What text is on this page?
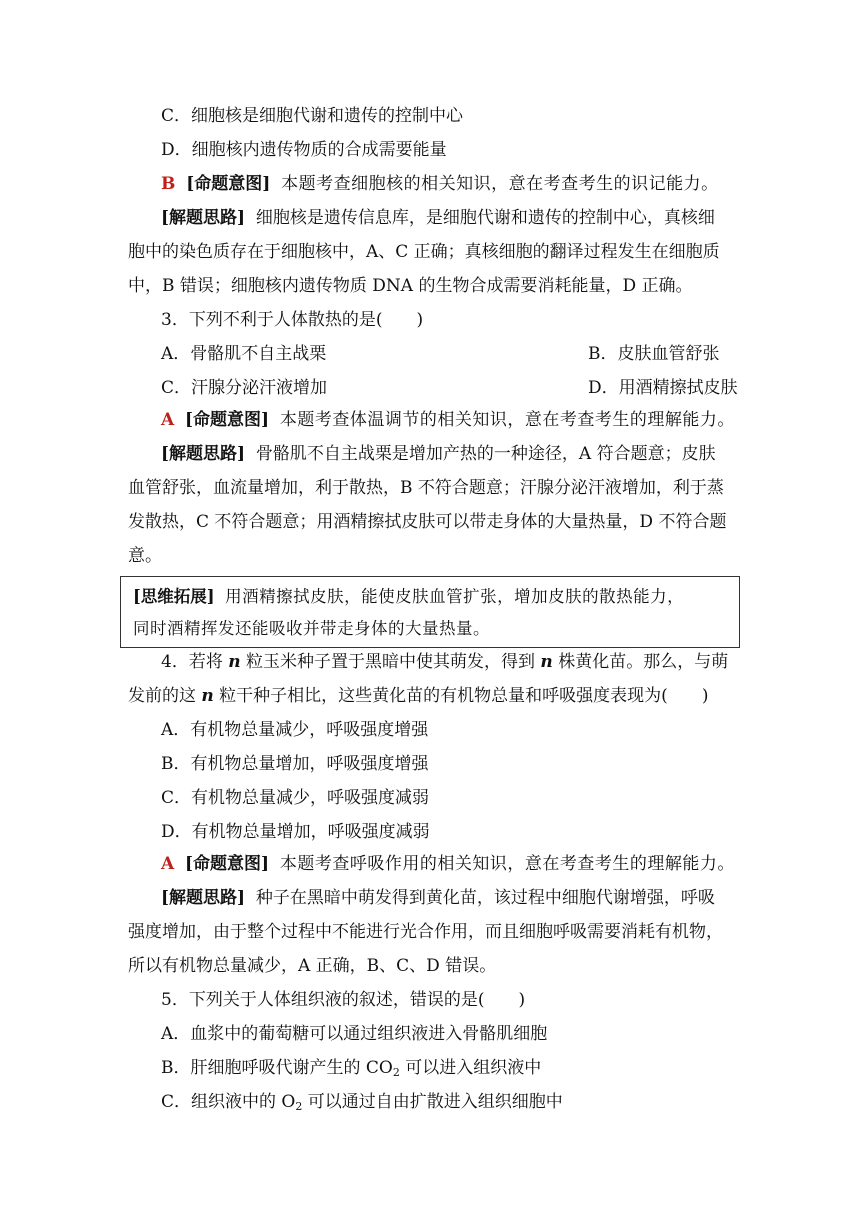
C．细胞核是细胞代谢和遗传的控制中心
D．细胞核内遗传物质的合成需要能量
B [命题意图] 本题考查细胞核的相关知识，意在考查考生的识记能力。
[解题思路] 细胞核是遗传信息库，是细胞代谢和遗传的控制中心，真核细
胞中的染色质存在于细胞核中，A、C 正确；真核细胞的翻译过程发生在细胞质
中，B 错误；细胞核内遗传物质 DNA 的生物合成需要消耗能量，D 正确。
3．下列不利于人体散热的是(　　)
A．骨骼肌不自主战栗	B．皮肤血管舒张
C．汗腺分泌汗液增加	D．用酒精擦拭皮肤
A [命题意图] 本题考查体温调节的相关知识，意在考查考生的理解能力。
[解题思路] 骨骼肌不自主战栗是增加产热的一种途径，A 符合题意；皮肤
血管舒张，血流量增加，利于散热，B 不符合题意；汗腺分泌汗液增加，利于蒸
发散热，C 不符合题意；用酒精擦拭皮肤可以带走身体的大量热量，D 不符合题
意。
[思维拓展] 用酒精擦拭皮肤，能使皮肤血管扩张，增加皮肤的散热能力，
同时酒精挥发还能吸收并带走身体的大量热量。
4．若将 n 粒玉米种子置于黑暗中使其萌发，得到 n 株黄化苗。那么，与萌
发前的这 n 粒干种子相比，这些黄化苗的有机物总量和呼吸强度表现为(　　)
A．有机物总量减少，呼吸强度增强
B．有机物总量增加，呼吸强度增强
C．有机物总量减少，呼吸强度减弱
D．有机物总量增加，呼吸强度减弱
A [命题意图] 本题考查呼吸作用的相关知识，意在考查考生的理解能力。
[解题思路] 种子在黑暗中萌发得到黄化苗，该过程中细胞代谢增强，呼吸
强度增加，由于整个过程中不能进行光合作用，而且细胞呼吸需要消耗有机物，
所以有机物总量减少，A 正确，B、C、D 错误。
5．下列关于人体组织液的叙述，错误的是(　　)
A．血浆中的葡萄糖可以通过组织液进入骨骼肌细胞
B．肝细胞呼吸代谢产生的 $CO_2$ 可以进入组织液中
C．组织液中的 $O_2$ 可以通过自由扩散进入组织细胞中
